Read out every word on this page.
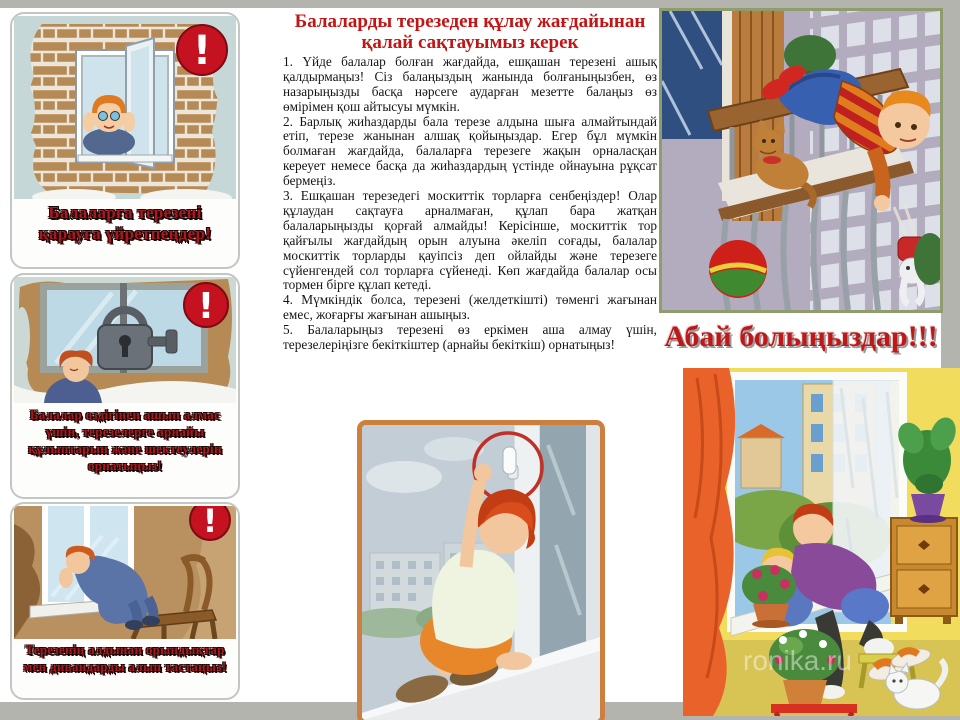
!
Балаларға терезені қарауға үйретпеңдер!
!
Балалар өздігінен ашып алмас үшін, терезелерге арнайы құлыптарын және шектеулерін орнатыңыз!
!
Терезенің алдынан орындықтар мен дивандарды алып тастаңыз!
Балаларды терезеден құлау жағдайынан қалай сақтауымыз керек

1. Үйде балалар болған жағдайда, ешқашан терезені ашық қалдырмаңыз! Сіз балаңыздың жанында болғаныңызбен, өз назарыңызды басқа нәрсеге аударған мезетте балаңыз өз өмірімен қош айтысуы мүмкін.

2. Барлық жиһаздарды бала терезе алдына шыға алмайтындай етіп, терезе жанынан алшақ қойыңыздар. Егер бұл мүмкін болмаған жағдайда, балаларға терезеге жақын орналасқан кереует немесе басқа да жиһаздардың үстінде ойнауына рұқсат бермеңіз.

3. Ешқашан терезедегі москиттік торларға сенбеңіздер! Олар құлаудан сақтауға арналмаған, құлап бара жатқан балаларыңызды қорғай алмайды! Керісінше, москиттік тор қайғылы жағдайдың орын алуына әкеліп соғады, балалар москиттік торларды қауіпсіз деп ойлайды және терезеге сүйенгендей сол торларға сүйенеді. Көп жағдайда балалар осы тормен бірге құлап кетеді.

4. Мүмкіндік болса, терезені (желдеткішті) төменгі жағынан емес, жоғарғы жағынан ашыңыз.

5. Балаларыңыз терезені өз еркімен аша алмау үшін, терезелеріңізге бекіткіштер (арнайы бекіткіш) орнатыңыз!	Абай болыңыздар!!!
ronika.ru
